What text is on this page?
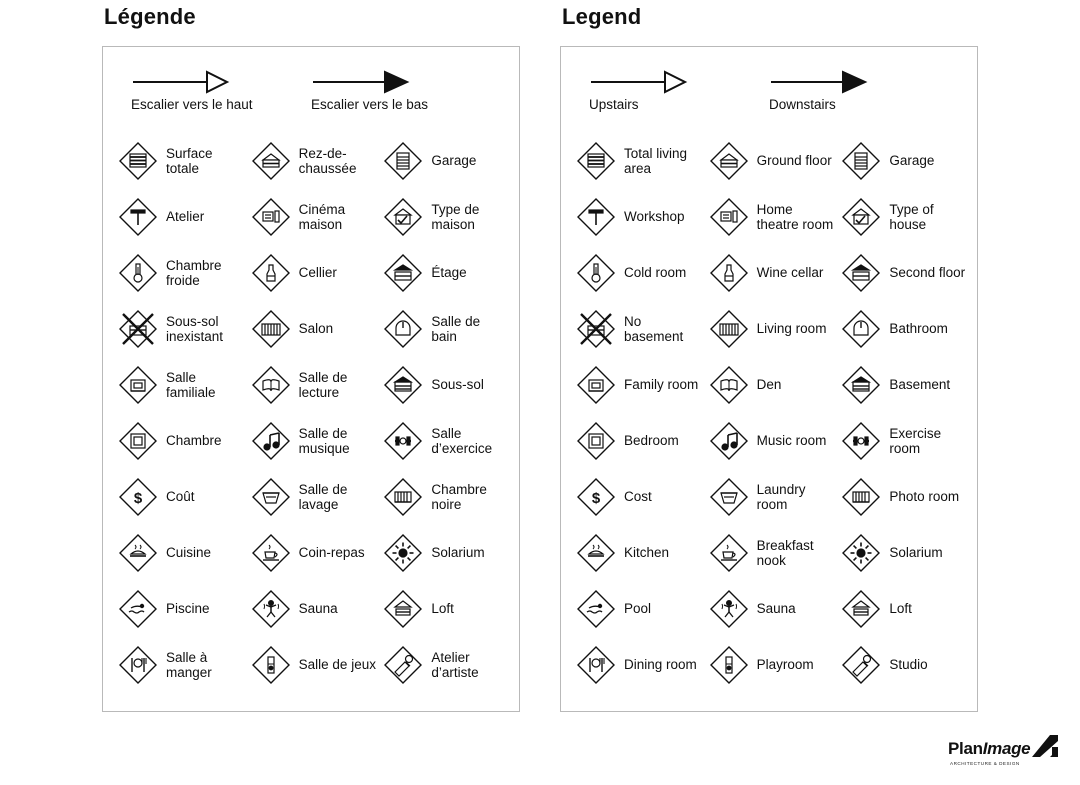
Légende	Legend
Escalier vers le haut	Escalier vers le bas
Surface totale
Rez-de-chaussée
Garage
Atelier
Cinéma maison
Type de maison
Chambre froide
Cellier	Étage
Sous-sol inexistant
Salon
Salle de bain
Salle familiale
Salle de lecture
Sous-sol
Chambre
Salle de musique
Salle d’exercice
$ Coût
Salle de lavage
Chambre noire
Cuisine	Coin-repas	Solarium
Piscine	Sauna	Loft
Salle à manger
Salle de jeux
Atelier d’artiste
Upstairs	Downstairs
Total living area
Ground floor	Garage
Workshop
Home theatre room
Type of house
Cold room	Wine cellar	Second floor
No basement
Living room	Bathroom
Family room	Den	Basement
Bedroom	Music room
Exercise room
$ Cost
Laundry room
Photo room
Kitchen
Breakfast nook
Solarium
Pool	Sauna	Loft
Dining room	Playroom	Studio
PlanImage
ARCHITECTURE & DESIGN
